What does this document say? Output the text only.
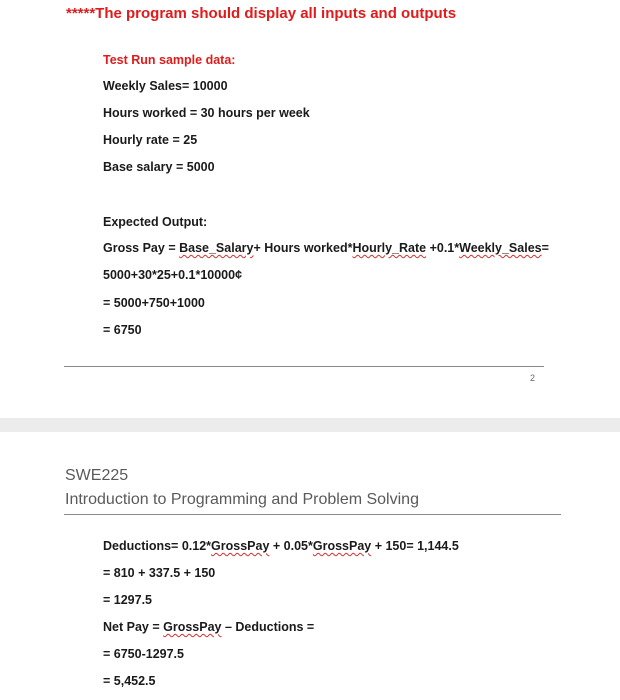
*****The program should display all inputs and outputs
Test Run sample data:
Weekly Sales= 10000
Hours worked = 30 hours per week
Hourly rate = 25
Base salary = 5000
Expected Output:
Gross Pay = Base_Salary+ Hours worked*Hourly_Rate +0.1*Weekly_Sales=
5000+30*25+0.1*10000¢
= 5000+750+1000
= 6750
2
SWE225
Introduction to Programming and Problem Solving
Deductions= 0.12*GrossPay + 0.05*GrossPay + 150= 1,144.5
= 810 + 337.5 + 150
= 1297.5
Net Pay = GrossPay – Deductions =
= 6750-1297.5
= 5,452.5
